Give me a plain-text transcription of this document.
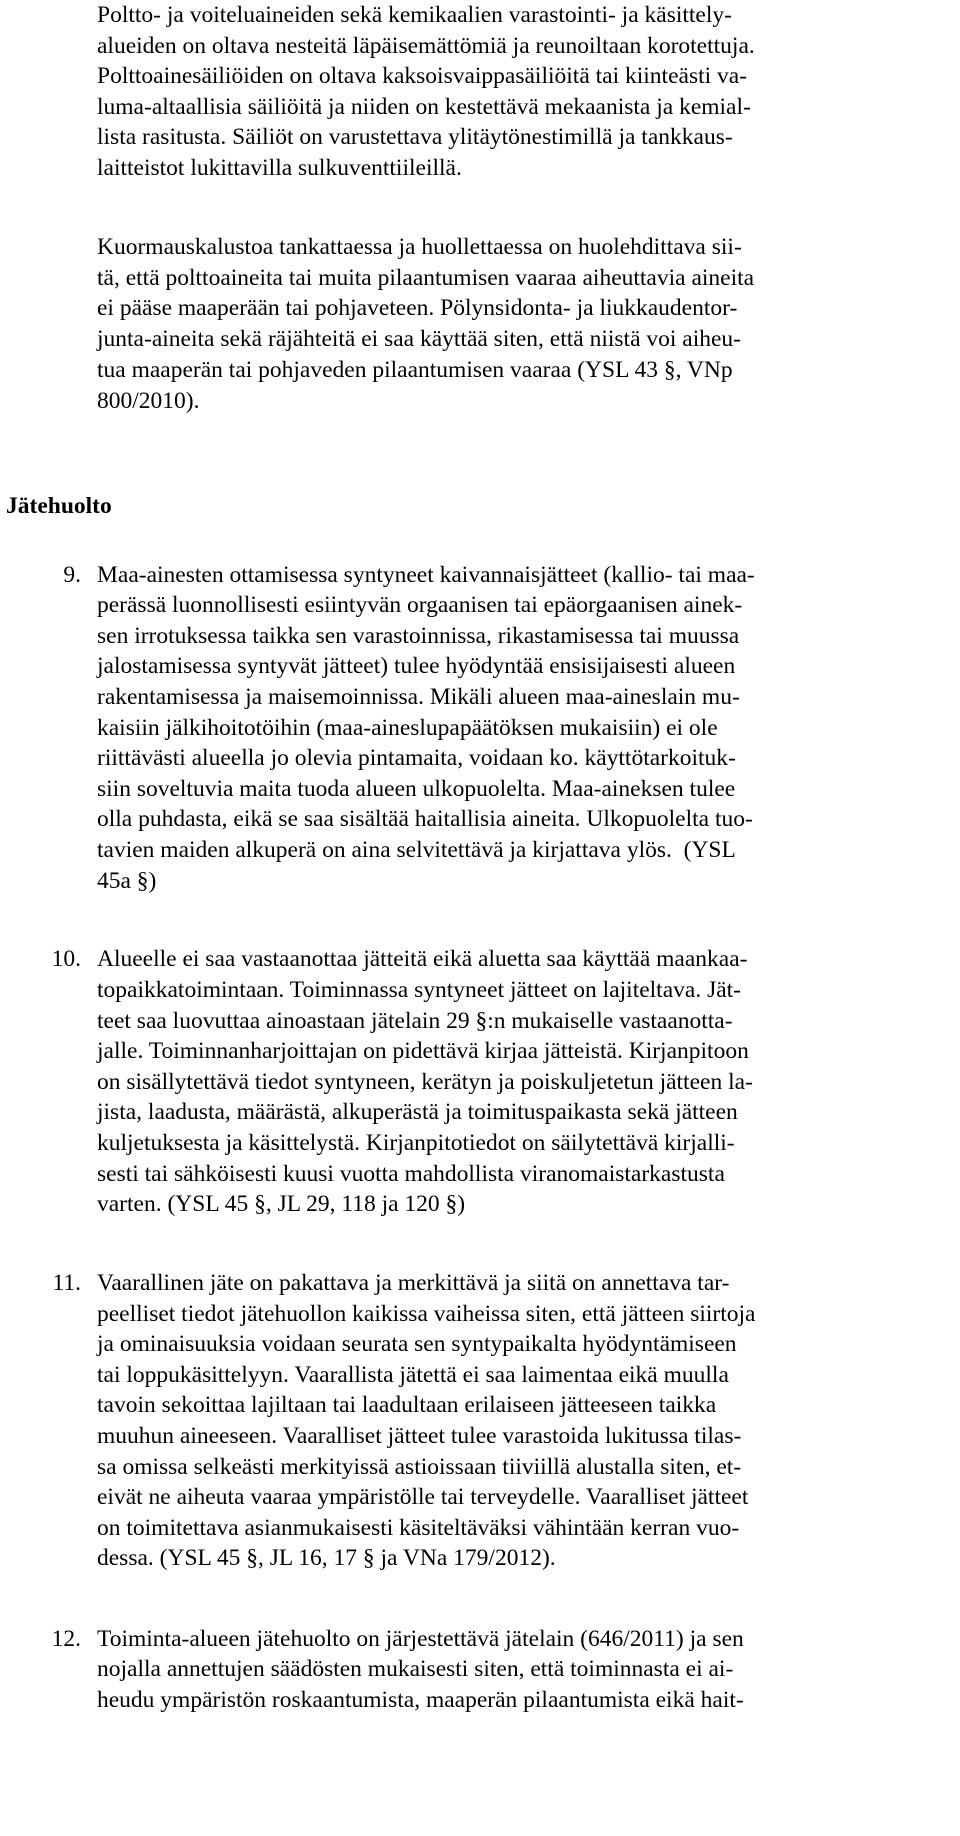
Poltto- ja voiteluaineiden sekä kemikaalien varastointi- ja käsittely-

alueiden on oltava nesteitä läpäisemättömiä ja reunoiltaan korotettuja.

Polttoainesäiliöiden on oltava kaksoisvaippasäiliöitä tai kiinteästi va-

luma-altaallisia säiliöitä ja niiden on kestettävä mekaanista ja kemial-

lista rasitusta. Säiliöt on varustettava ylitäytönestimillä ja tankkaus-

laitteistot lukittavilla sulkuventtiileillä.

Kuormauskalustoa tankattaessa ja huollettaessa on huolehdittava sii-

tä, että polttoaineita tai muita pilaantumisen vaaraa aiheuttavia aineita

ei pääse maaperään tai pohjaveteen. Pölynsidonta- ja liukkaudentor-

junta-aineita sekä räjähteitä ei saa käyttää siten, että niistä voi aiheu-

tua maaperän tai pohjaveden pilaantumisen vaaraa (YSL 43 §, VNp

800/2010).

Jätehuolto

9. Maa-ainesten ottamisessa syntyneet kaivannaisjätteet (kallio- tai maa-

perässä luonnollisesti esiintyvän orgaanisen tai epäorgaanisen ainek-

sen irrotuksessa taikka sen varastoinnissa, rikastamisessa tai muussa

jalostamisessa syntyvät jätteet) tulee hyödyntää ensisijaisesti alueen

rakentamisessa ja maisemoinnissa. Mikäli alueen maa-aineslain mu-

kaisiin jälkihoitotöihin (maa-aineslupapäätöksen mukaisiin) ei ole

riittävästi alueella jo olevia pintamaita, voidaan ko. käyttötarkoituk-

siin soveltuvia maita tuoda alueen ulkopuolelta. Maa-aineksen tulee

olla puhdasta, eikä se saa sisältää haitallisia aineita. Ulkopuolelta tuo-

tavien maiden alkuperä on aina selvitettävä ja kirjattava ylös.  (YSL

45a §)

10. Alueelle ei saa vastaanottaa jätteitä eikä aluetta saa käyttää maankaa-

topaikkatoimintaan. Toiminnassa syntyneet jätteet on lajiteltava. Jät-

teet saa luovuttaa ainoastaan jätelain 29 §:n mukaiselle vastaanotta-

jalle. Toiminnanharjoittajan on pidettävä kirjaa jätteistä. Kirjanpitoon

on sisällytettävä tiedot syntyneen, kerätyn ja poiskuljetetun jätteen la-

jista, laadusta, määrästä, alkuperästä ja toimituspaikasta sekä jätteen

kuljetuksesta ja käsittelystä. Kirjanpitotiedot on säilytettävä kirjalli-

sesti tai sähköisesti kuusi vuotta mahdollista viranomaistarkastusta

varten. (YSL 45 §, JL 29, 118 ja 120 §)

11. Vaarallinen jäte on pakattava ja merkittävä ja siitä on annettava tar-

peelliset tiedot jätehuollon kaikissa vaiheissa siten, että jätteen siirtoja

ja ominaisuuksia voidaan seurata sen syntypaikalta hyödyntämiseen

tai loppukäsittelyyn. Vaarallista jätettä ei saa laimentaa eikä muulla

tavoin sekoittaa lajiltaan tai laadultaan erilaiseen jätteeseen taikka

muuhun aineeseen. Vaaralliset jätteet tulee varastoida lukitussa tilas-

sa omissa selkeästi merkityissä astioissaan tiiviillä alustalla siten, et-

eivät ne aiheuta vaaraa ympäristölle tai terveydelle. Vaaralliset jätteet

on toimitettava asianmukaisesti käsiteltäväksi vähintään kerran vuo-

dessa. (YSL 45 §, JL 16, 17 § ja VNa 179/2012).

12. Toiminta-alueen jätehuolto on järjestettävä jätelain (646/2011) ja sen

nojalla annettujen säädösten mukaisesti siten, että toiminnasta ei ai-

heudu ympäristön roskaantumista, maaperän pilaantumista eikä hait-
